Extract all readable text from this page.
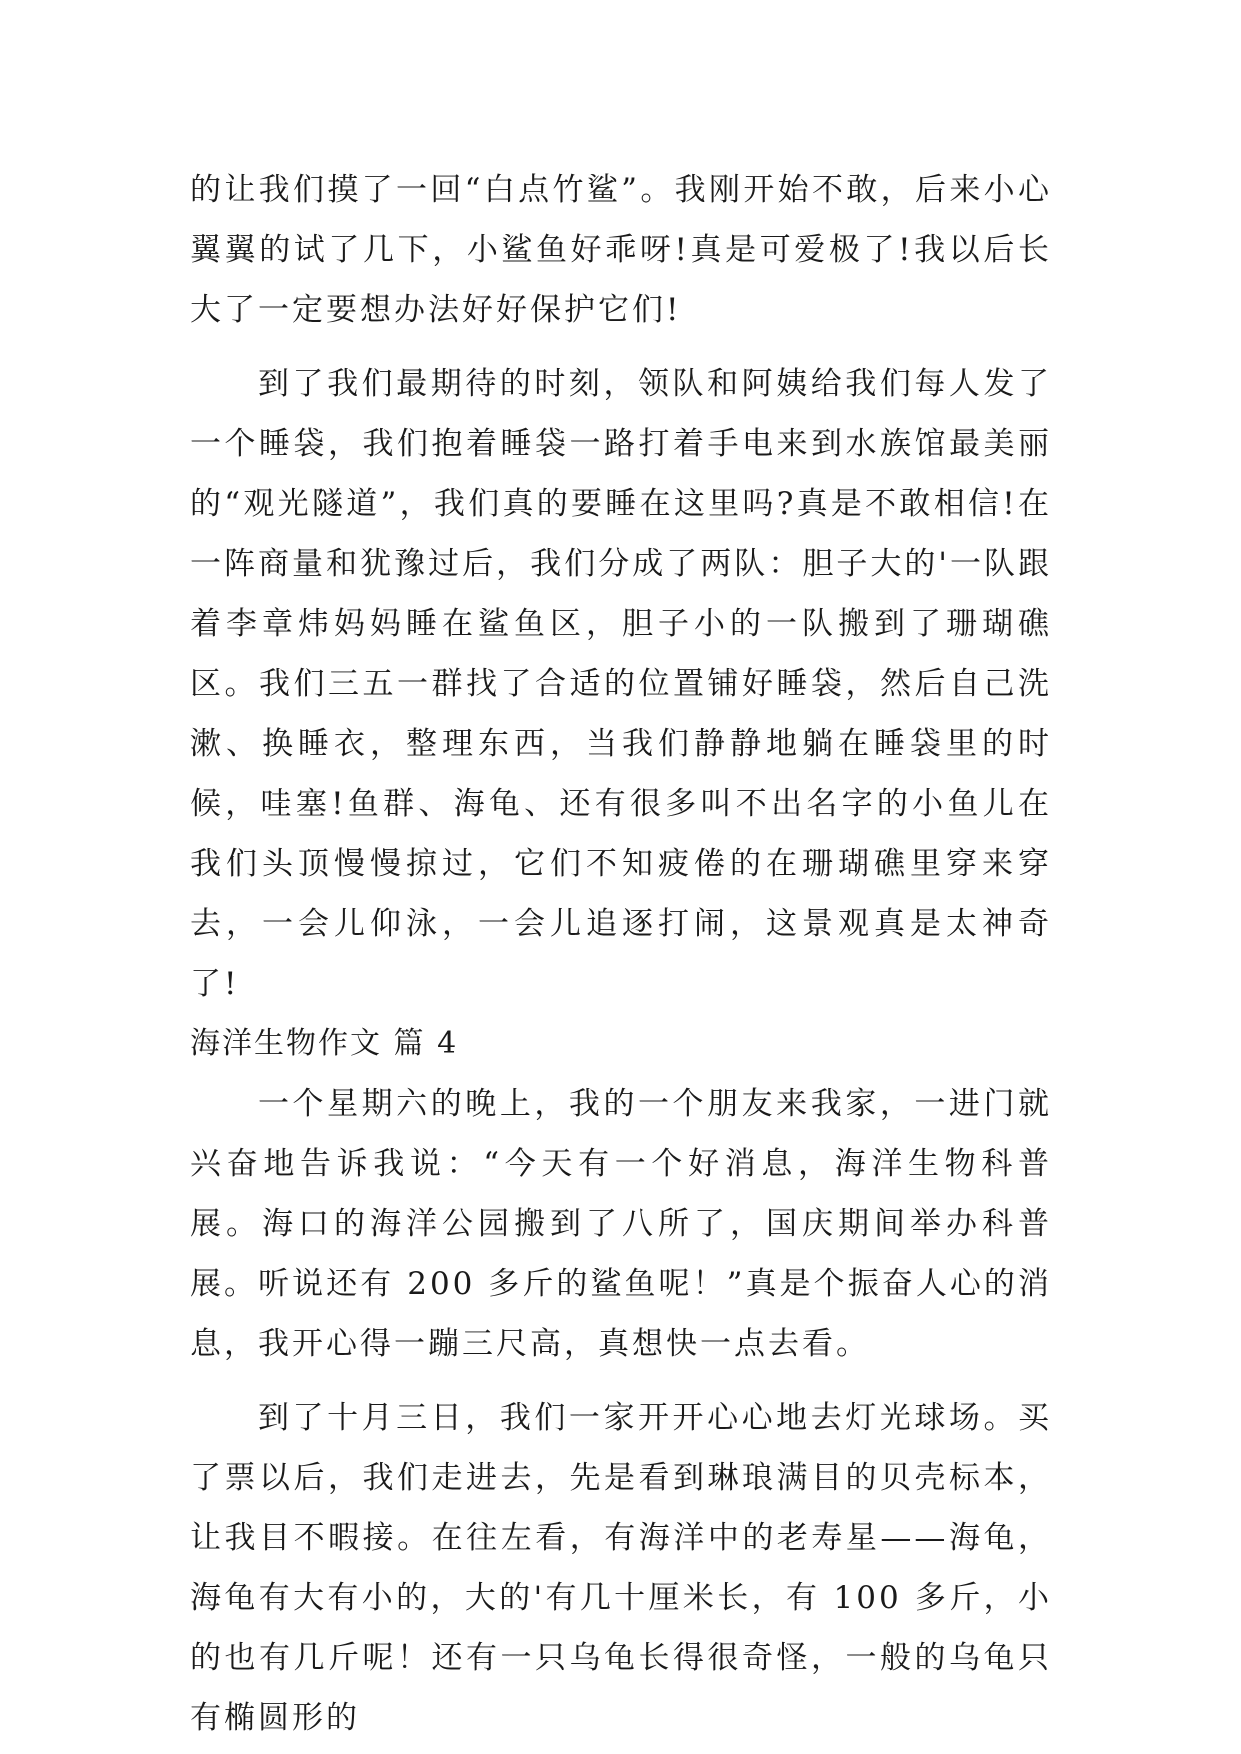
的让我们摸了一回“白点竹鲨”。我刚开始不敢，后来小心翼翼的试了几下，小鲨鱼好乖呀!真是可爱极了!我以后长大了一定要想办法好好保护它们!

到了我们最期待的时刻，领队和阿姨给我们每人发了一个睡袋，我们抱着睡袋一路打着手电来到水族馆最美丽的“观光隧道”，我们真的要睡在这里吗?真是不敢相信!在一阵商量和犹豫过后，我们分成了两队：胆子大的'一队跟着李章炜妈妈睡在鲨鱼区，胆子小的一队搬到了珊瑚礁区。我们三五一群找了合适的位置铺好睡袋，然后自己洗漱、换睡衣，整理东西，当我们静静地躺在睡袋里的时候，哇塞!鱼群、海龟、还有很多叫不出名字的小鱼儿在我们头顶慢慢掠过，它们不知疲倦的在珊瑚礁里穿来穿去，一会儿仰泳，一会儿追逐打闹，这景观真是太神奇了!

海洋生物作文 篇 4

一个星期六的晚上，我的一个朋友来我家，一进门就兴奋地告诉我说：“今天有一个好消息，海洋生物科普展。海口的海洋公园搬到了八所了，国庆期间举办科普展。听说还有 200 多斤的鲨鱼呢！”真是个振奋人心的消息，我开心得一蹦三尺高，真想快一点去看。

到了十月三日，我们一家开开心心地去灯光球场。买了票以后，我们走进去，先是看到琳琅满目的贝壳标本，让我目不暇接。在往左看，有海洋中的老寿星——海龟，海龟有大有小的，大的'有几十厘米长，有 100 多斤，小的也有几斤呢！还有一只乌龟长得很奇怪，一般的乌龟只有椭圆形的
